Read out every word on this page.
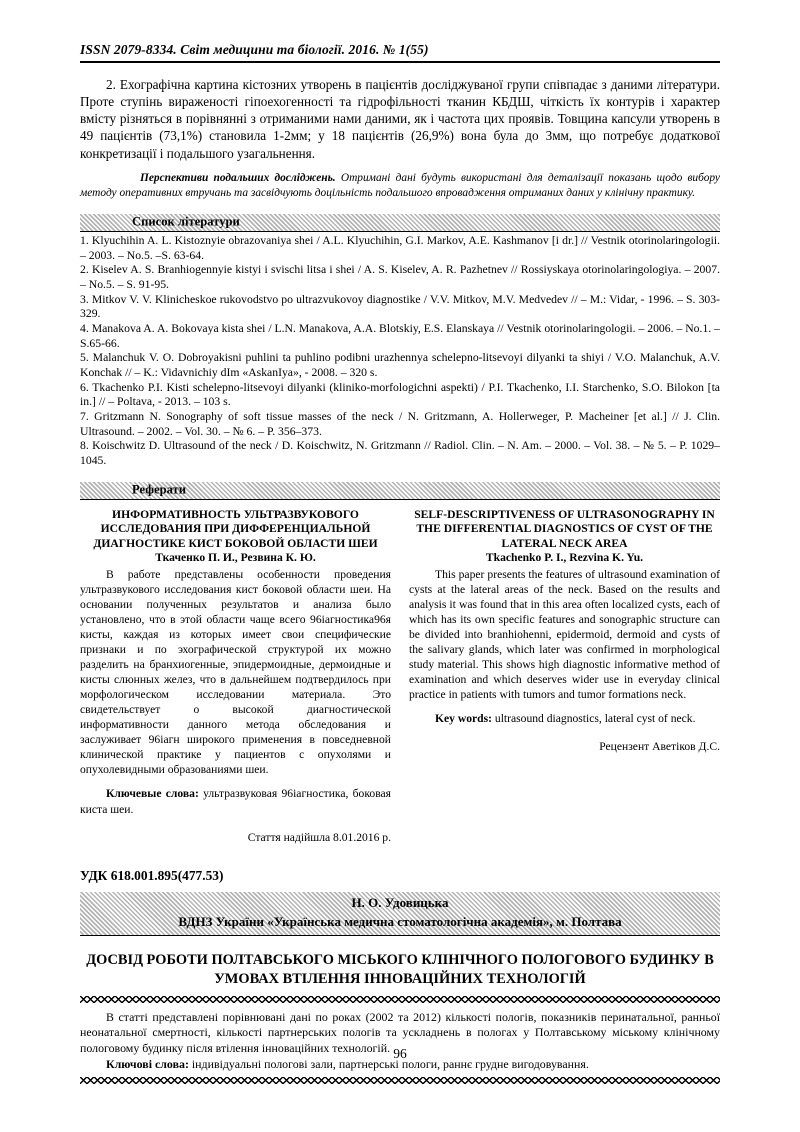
ISSN 2079-8334. Світ медицини та біології. 2016. № 1(55)

2. Ехографічна картина кістозних утворень в пацієнтів досліджуваної групи співпадає з даними літератури. Проте ступінь вираженості гіпоехогенності та гідрофільності тканин КБДШ, чіткість їх контурів і характер вмісту різняться в порівнянні з отриманими нами даними, як і частота цих проявів. Товщина капсули утворень в 49 пацієнтів (73,1%) становила 1-2мм; у 18 пацієнтів (26,9%) вона була до 3мм, що потребує додаткової конкретизації і подальшого узагальнення.

Перспективи подальших досліджень. Отримані дані будуть використані для деталізації показань щодо вибору методу оперативних втручань та засвідчують доцільність подальшого впровадження отриманих даних у клінічну практику.

Список літератури

1. Klyuchihin A. L. Kistoznyie obrazovaniya shei / A.L. Klyuchihin, G.I. Markov, A.E. Kashmanov [i dr.] // Vestnik otorinolaringologii. – 2003. – No.5. –S. 63-64.

2. Kiselev A. S. Branhiogennyie kistyi i svischi litsa i shei / A. S. Kiselev, A. R. Pazhetnev // Rossiyskaya otorinolaringologiya. – 2007. – No.5. – S. 91-95.

3. Mitkov V. V. Klinicheskoe rukovodstvo po ultrazvukovoy diagnostike / V.V. Mitkov, M.V. Medvedev // – M.: Vidar, - 1996. – S. 303-329.

4. Manakova A. A. Bokovaya kista shei / L.N. Manakova, A.A. Blotskiy, E.S. Elanskaya // Vestnik otorinolaringologii. – 2006. – No.1. – S.65-66.

5. Malanchuk V. O. Dobroyakisni puhlini ta puhlino podibni urazhennya schelepno-litsevoyi dilyanki ta shiyi / V.O. Malanchuk, A.V. Konchak // – K.: Vidavnichiy dIm «AskanIya», - 2008. – 320 s.

6. Tkachenko P.I. Kisti schelepno-litsevoyi dilyanki (kliniko-morfologichni aspekti) / P.I. Tkachenko, I.I. Starchenko, S.O. Bilokon [ta in.] // – Poltava, - 2013. – 103 s.

7. Gritzmann N. Sonography of soft tissue masses of the neck / N. Gritzmann, A. Hollerweger, P. Macheiner [et al.] // J. Clin. Ultrasound. – 2002. – Vol. 30. – № 6. – P. 356–373.

8. Koischwitz D. Ultrasound of the neck / D. Koischwitz, N. Gritzmann // Radiol. Clin. – N. Am. – 2000. – Vol. 38. – № 5. – P. 1029–1045.

Реферати
ИНФОРМАТИВНОСТЬ УЛЬТРАЗВУКОВОГО ИССЛЕДОВАНИЯ ПРИ ДИФФЕРЕНЦИАЛЬНОЙ ДИАГНОСТИКЕ КИСТ БОКОВОЙ ОБЛАСТИ ШЕИ
Ткаченко П. И., Резвина К. Ю.

В работе представлены особенности проведения ультразвукового исследования кист боковой области шеи. На основании полученных результатов и анализа было установлено, что в этой области чаще всего 96iагностика96я кисты, каждая из которых имеет свои специфические признаки и по эхографической структурой их можно разделить на бранхиогенные, эпидермоидные, дермоидные и кисты слюнных желез, что в дальнейшем подтвердилось при морфологическом исследовании материала. Это свидетельствует о высокой диагностической информативности данного метода обследования и заслуживает 96iагн широкого применения в повседневной клинической практике у пациентов с опухолями и опухолевидными образованиями шеи.

Ключевые слова: ультразвуковая 96iагностика, боковая киста шеи.

Стаття надійшла 8.01.2016 р.
SELF-DESCRIPTIVENESS OF ULTRASONOGRAPHY IN THE DIFFERENTIAL DIAGNOSTICS OF CYST OF THE LATERAL NECK AREA
Tkachenko P. I., Rezvina K. Yu.

This paper presents the features of ultrasound examination of cysts at the lateral areas of the neck. Based on the results and analysis it was found that in this area often localized cysts, each of which has its own specific features and sonographic structure can be divided into branhiohenni, epidermoid, dermoid and cysts of the salivary glands, which later was confirmed in morphological study material. This shows high diagnostic informative method of examination and which deserves wider use in everyday clinical practice in patients with tumors and tumor formations neck.

Key words: ultrasound diagnostics, lateral cyst of neck.

Рецензент Аветіков Д.С.
УДК 618.001.895(477.53)
Н. О. Удовицька
ВДНЗ України «Українська медична стоматологічна академія», м. Полтава
ДОСВІД РОБОТИ ПОЛТАВСЬКОГО МІСЬКОГО КЛІНІЧНОГО ПОЛОГОВОГО БУДИНКУ В УМОВАХ ВТІЛЕННЯ ІННОВАЦІЙНИХ ТЕХНОЛОГІЙ

В статті представлені порівнювані дані по роках (2002 та 2012) кількості пологів, показників перинатальної, ранньої неонатальної смертності, кількості партнерських пологів та ускладнень в пологах у Полтавському міському клінічному пологовому будинку після втілення інноваційних технологій.

Ключові слова: індивідуальні пологові зали, партнерські пологи, раннє грудне вигодовування.

96
